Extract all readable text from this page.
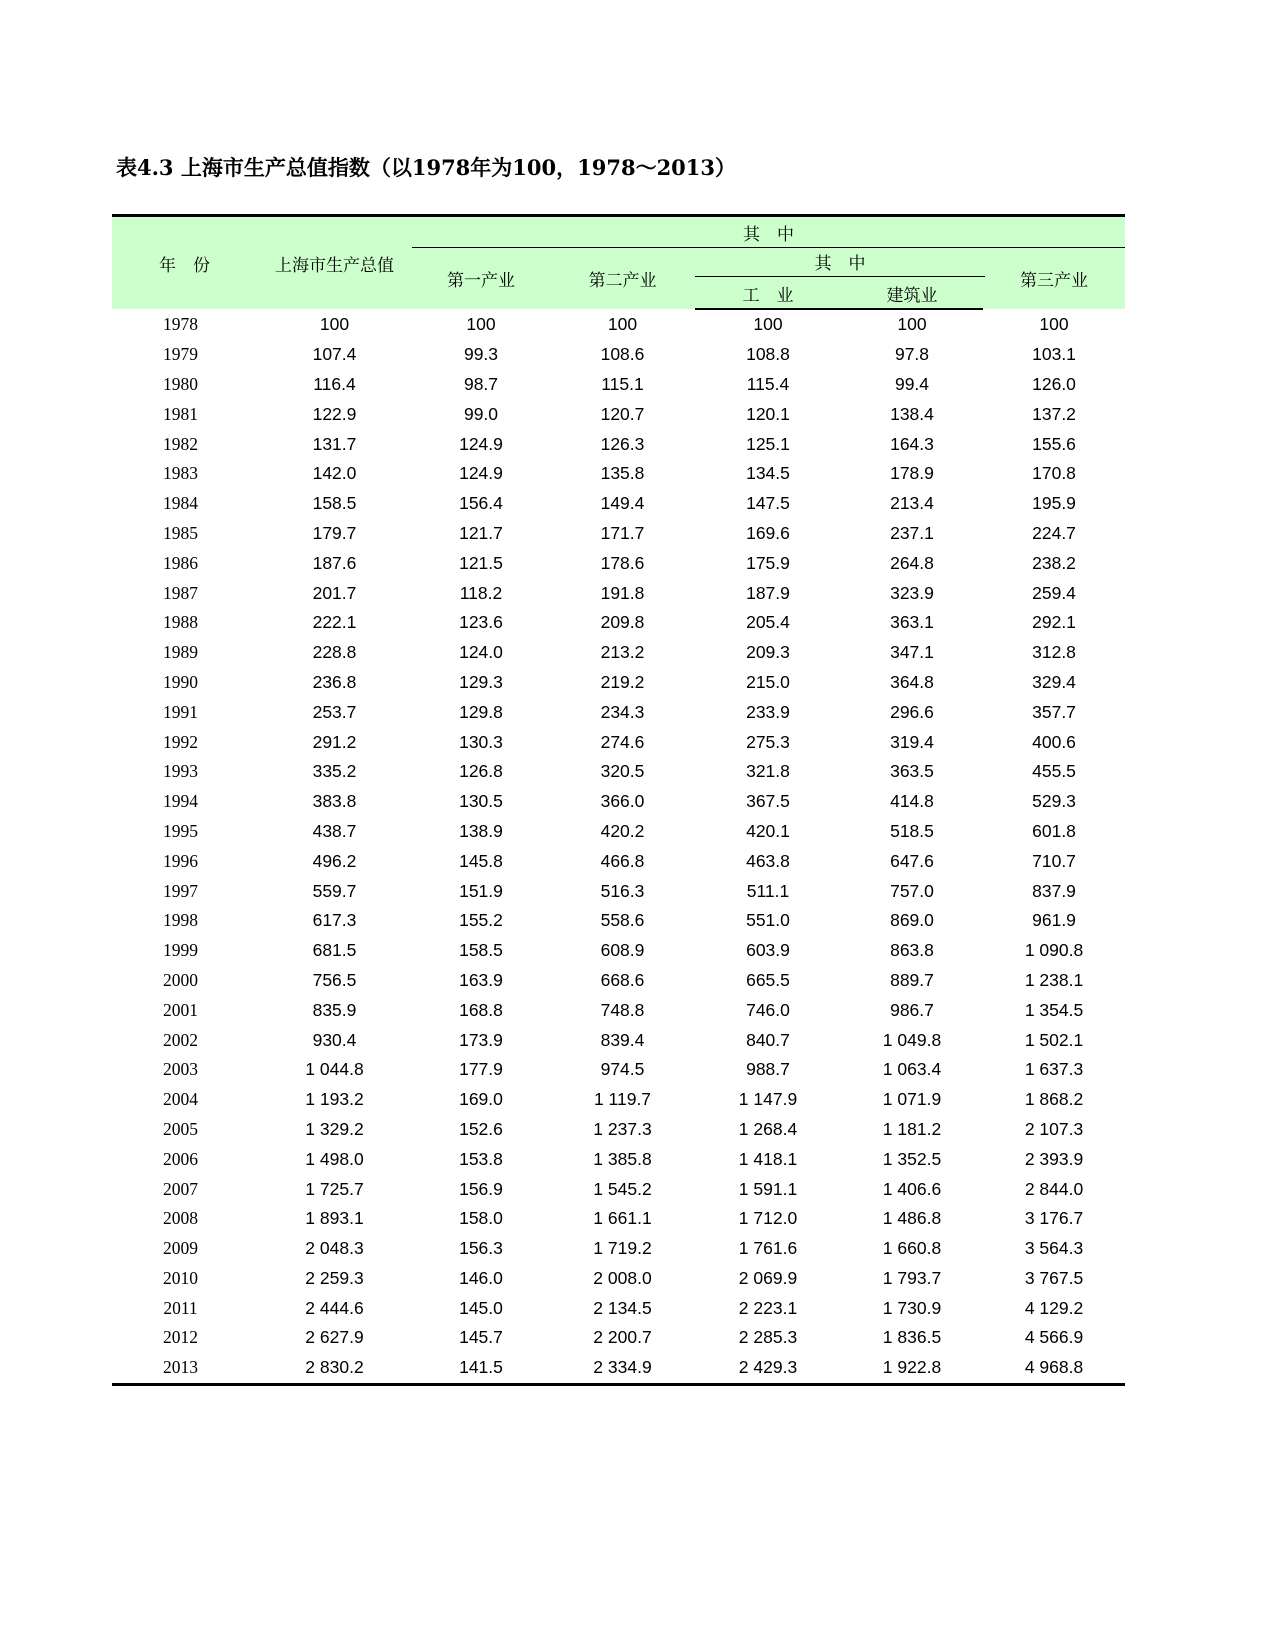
表4.3 上海市生产总值指数（以1978年为100，1978～2013）
年　份	上海市生产总值	其　中				
		第一产业	第二产业	其　中		第三产业
				工　业	建筑业	
1978	100	100	100	100	100	100
1979	107.4	99.3	108.6	108.8	97.8	103.1
1980	116.4	98.7	115.1	115.4	99.4	126.0
1981	122.9	99.0	120.7	120.1	138.4	137.2
1982	131.7	124.9	126.3	125.1	164.3	155.6
1983	142.0	124.9	135.8	134.5	178.9	170.8
1984	158.5	156.4	149.4	147.5	213.4	195.9
1985	179.7	121.7	171.7	169.6	237.1	224.7
1986	187.6	121.5	178.6	175.9	264.8	238.2
1987	201.7	118.2	191.8	187.9	323.9	259.4
1988	222.1	123.6	209.8	205.4	363.1	292.1
1989	228.8	124.0	213.2	209.3	347.1	312.8
1990	236.8	129.3	219.2	215.0	364.8	329.4
1991	253.7	129.8	234.3	233.9	296.6	357.7
1992	291.2	130.3	274.6	275.3	319.4	400.6
1993	335.2	126.8	320.5	321.8	363.5	455.5
1994	383.8	130.5	366.0	367.5	414.8	529.3
1995	438.7	138.9	420.2	420.1	518.5	601.8
1996	496.2	145.8	466.8	463.8	647.6	710.7
1997	559.7	151.9	516.3	511.1	757.0	837.9
1998	617.3	155.2	558.6	551.0	869.0	961.9
1999	681.5	158.5	608.9	603.9	863.8	1 090.8
2000	756.5	163.9	668.6	665.5	889.7	1 238.1
2001	835.9	168.8	748.8	746.0	986.7	1 354.5
2002	930.4	173.9	839.4	840.7	1 049.8	1 502.1
2003	1 044.8	177.9	974.5	988.7	1 063.4	1 637.3
2004	1 193.2	169.0	1 119.7	1 147.9	1 071.9	1 868.2
2005	1 329.2	152.6	1 237.3	1 268.4	1 181.2	2 107.3
2006	1 498.0	153.8	1 385.8	1 418.1	1 352.5	2 393.9
2007	1 725.7	156.9	1 545.2	1 591.1	1 406.6	2 844.0
2008	1 893.1	158.0	1 661.1	1 712.0	1 486.8	3 176.7
2009	2 048.3	156.3	1 719.2	1 761.6	1 660.8	3 564.3
2010	2 259.3	146.0	2 008.0	2 069.9	1 793.7	3 767.5
2011	2 444.6	145.0	2 134.5	2 223.1	1 730.9	4 129.2
2012	2 627.9	145.7	2 200.7	2 285.3	1 836.5	4 566.9
2013	2 830.2	141.5	2 334.9	2 429.3	1 922.8	4 968.8
